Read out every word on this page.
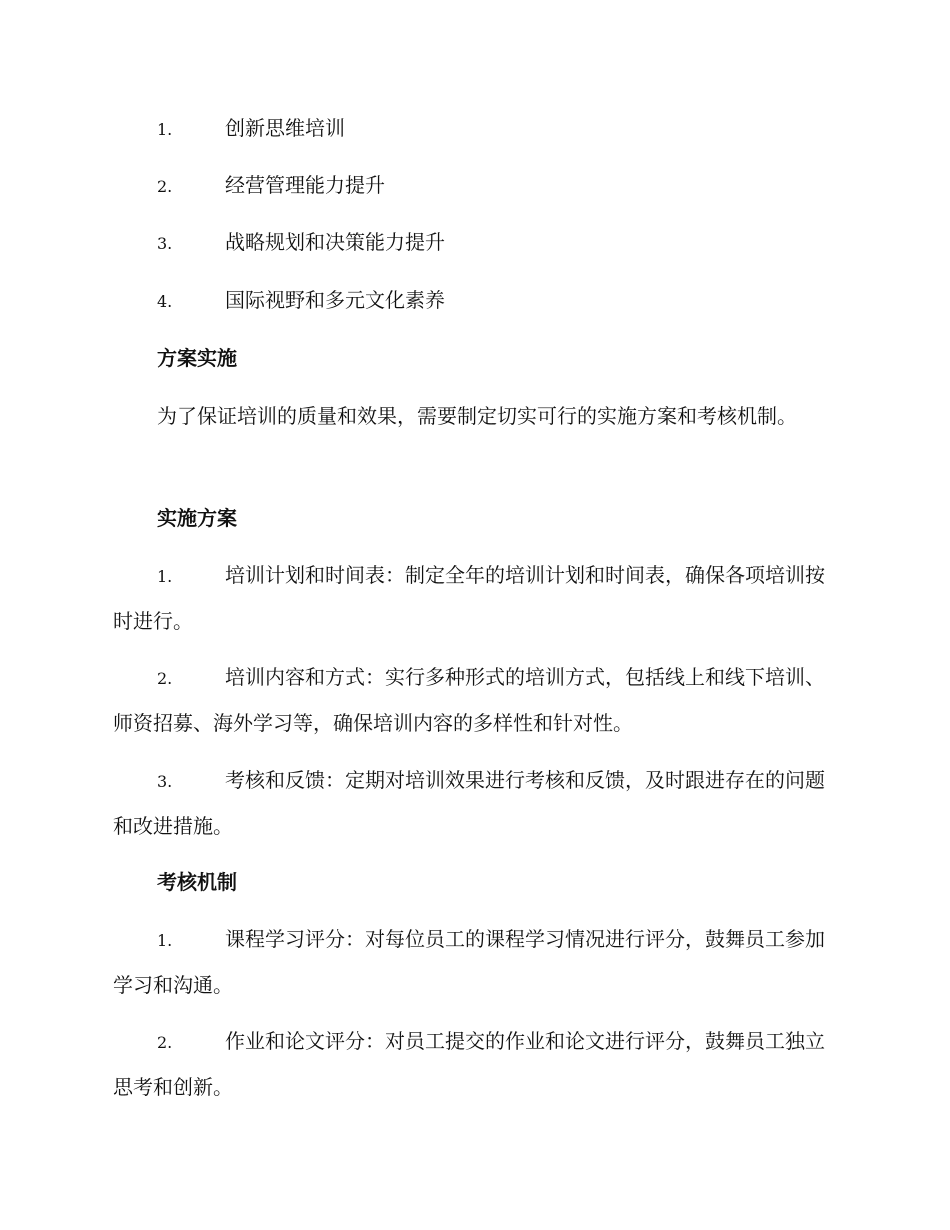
1.	创新思维培训
2.	经营管理能力提升
3.	战略规划和决策能力提升
4.	国际视野和多元文化素养
方案实施
为了保证培训的质量和效果，需要制定切实可行的实施方案和考核机制。
实施方案
1.	培训计划和时间表：制定全年的培训计划和时间表，确保各项培训按时进行。
2.	培训内容和方式：实行多种形式的培训方式，包括线上和线下培训、师资招募、海外学习等，确保培训内容的多样性和针对性。
3.	考核和反馈：定期对培训效果进行考核和反馈，及时跟进存在的问题和改进措施。
考核机制
1.	课程学习评分：对每位员工的课程学习情况进行评分，鼓舞员工参加学习和沟通。
2.	作业和论文评分：对员工提交的作业和论文进行评分，鼓舞员工独立思考和创新。
